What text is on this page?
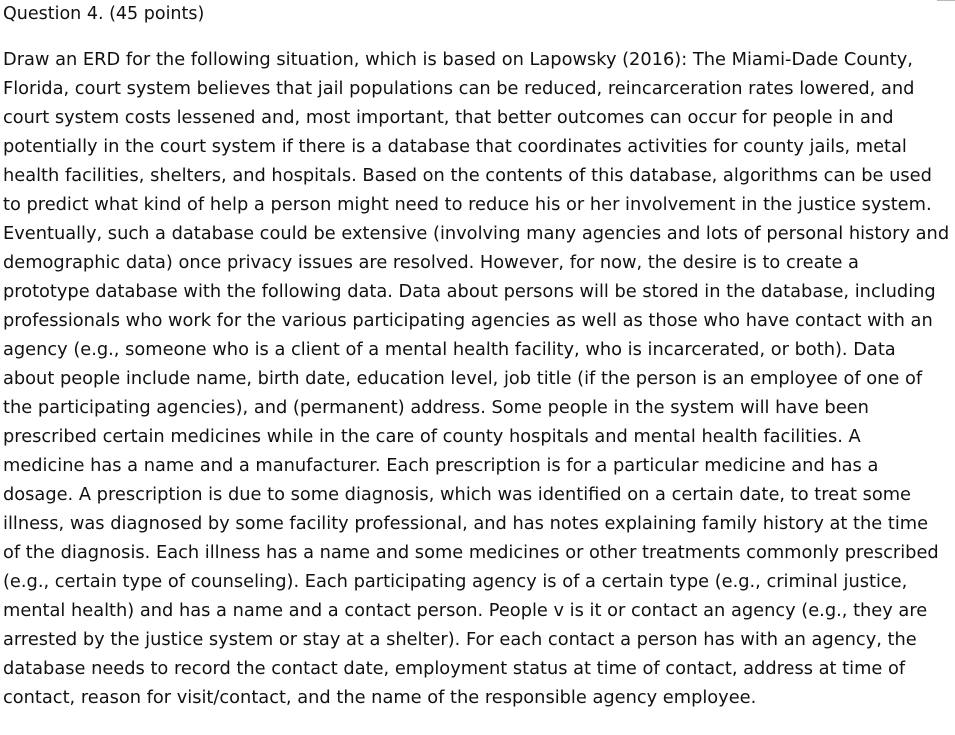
Question 4. (45 points)

Draw an ERD for the following situation, which is based on Lapowsky (2016): The Miami-Dade County,
Florida, court system believes that jail populations can be reduced, reincarceration rates lowered, and
court system costs lessened and, most important, that better outcomes can occur for people in and
potentially in the court system if there is a database that coordinates activities for county jails, metal
health facilities, shelters, and hospitals. Based on the contents of this database, algorithms can be used
to predict what kind of help a person might need to reduce his or her involvement in the justice system.
Eventually, such a database could be extensive (involving many agencies and lots of personal history and
demographic data) once privacy issues are resolved. However, for now, the desire is to create a
prototype database with the following data. Data about persons will be stored in the database, including
professionals who work for the various participating agencies as well as those who have contact with an
agency (e.g., someone who is a client of a mental health facility, who is incarcerated, or both). Data
about people include name, birth date, education level, job title (if the person is an employee of one of
the participating agencies), and (permanent) address. Some people in the system will have been
prescribed certain medicines while in the care of county hospitals and mental health facilities. A
medicine has a name and a manufacturer. Each prescription is for a particular medicine and has a
dosage. A prescription is due to some diagnosis, which was identified on a certain date, to treat some
illness, was diagnosed by some facility professional, and has notes explaining family history at the time
of the diagnosis. Each illness has a name and some medicines or other treatments commonly prescribed
(e.g., certain type of counseling). Each participating agency is of a certain type (e.g., criminal justice,
mental health) and has a name and a contact person. People v is it or contact an agency (e.g., they are
arrested by the justice system or stay at a shelter). For each contact a person has with an agency, the
database needs to record the contact date, employment status at time of contact, address at time of
contact, reason for visit/contact, and the name of the responsible agency employee.
